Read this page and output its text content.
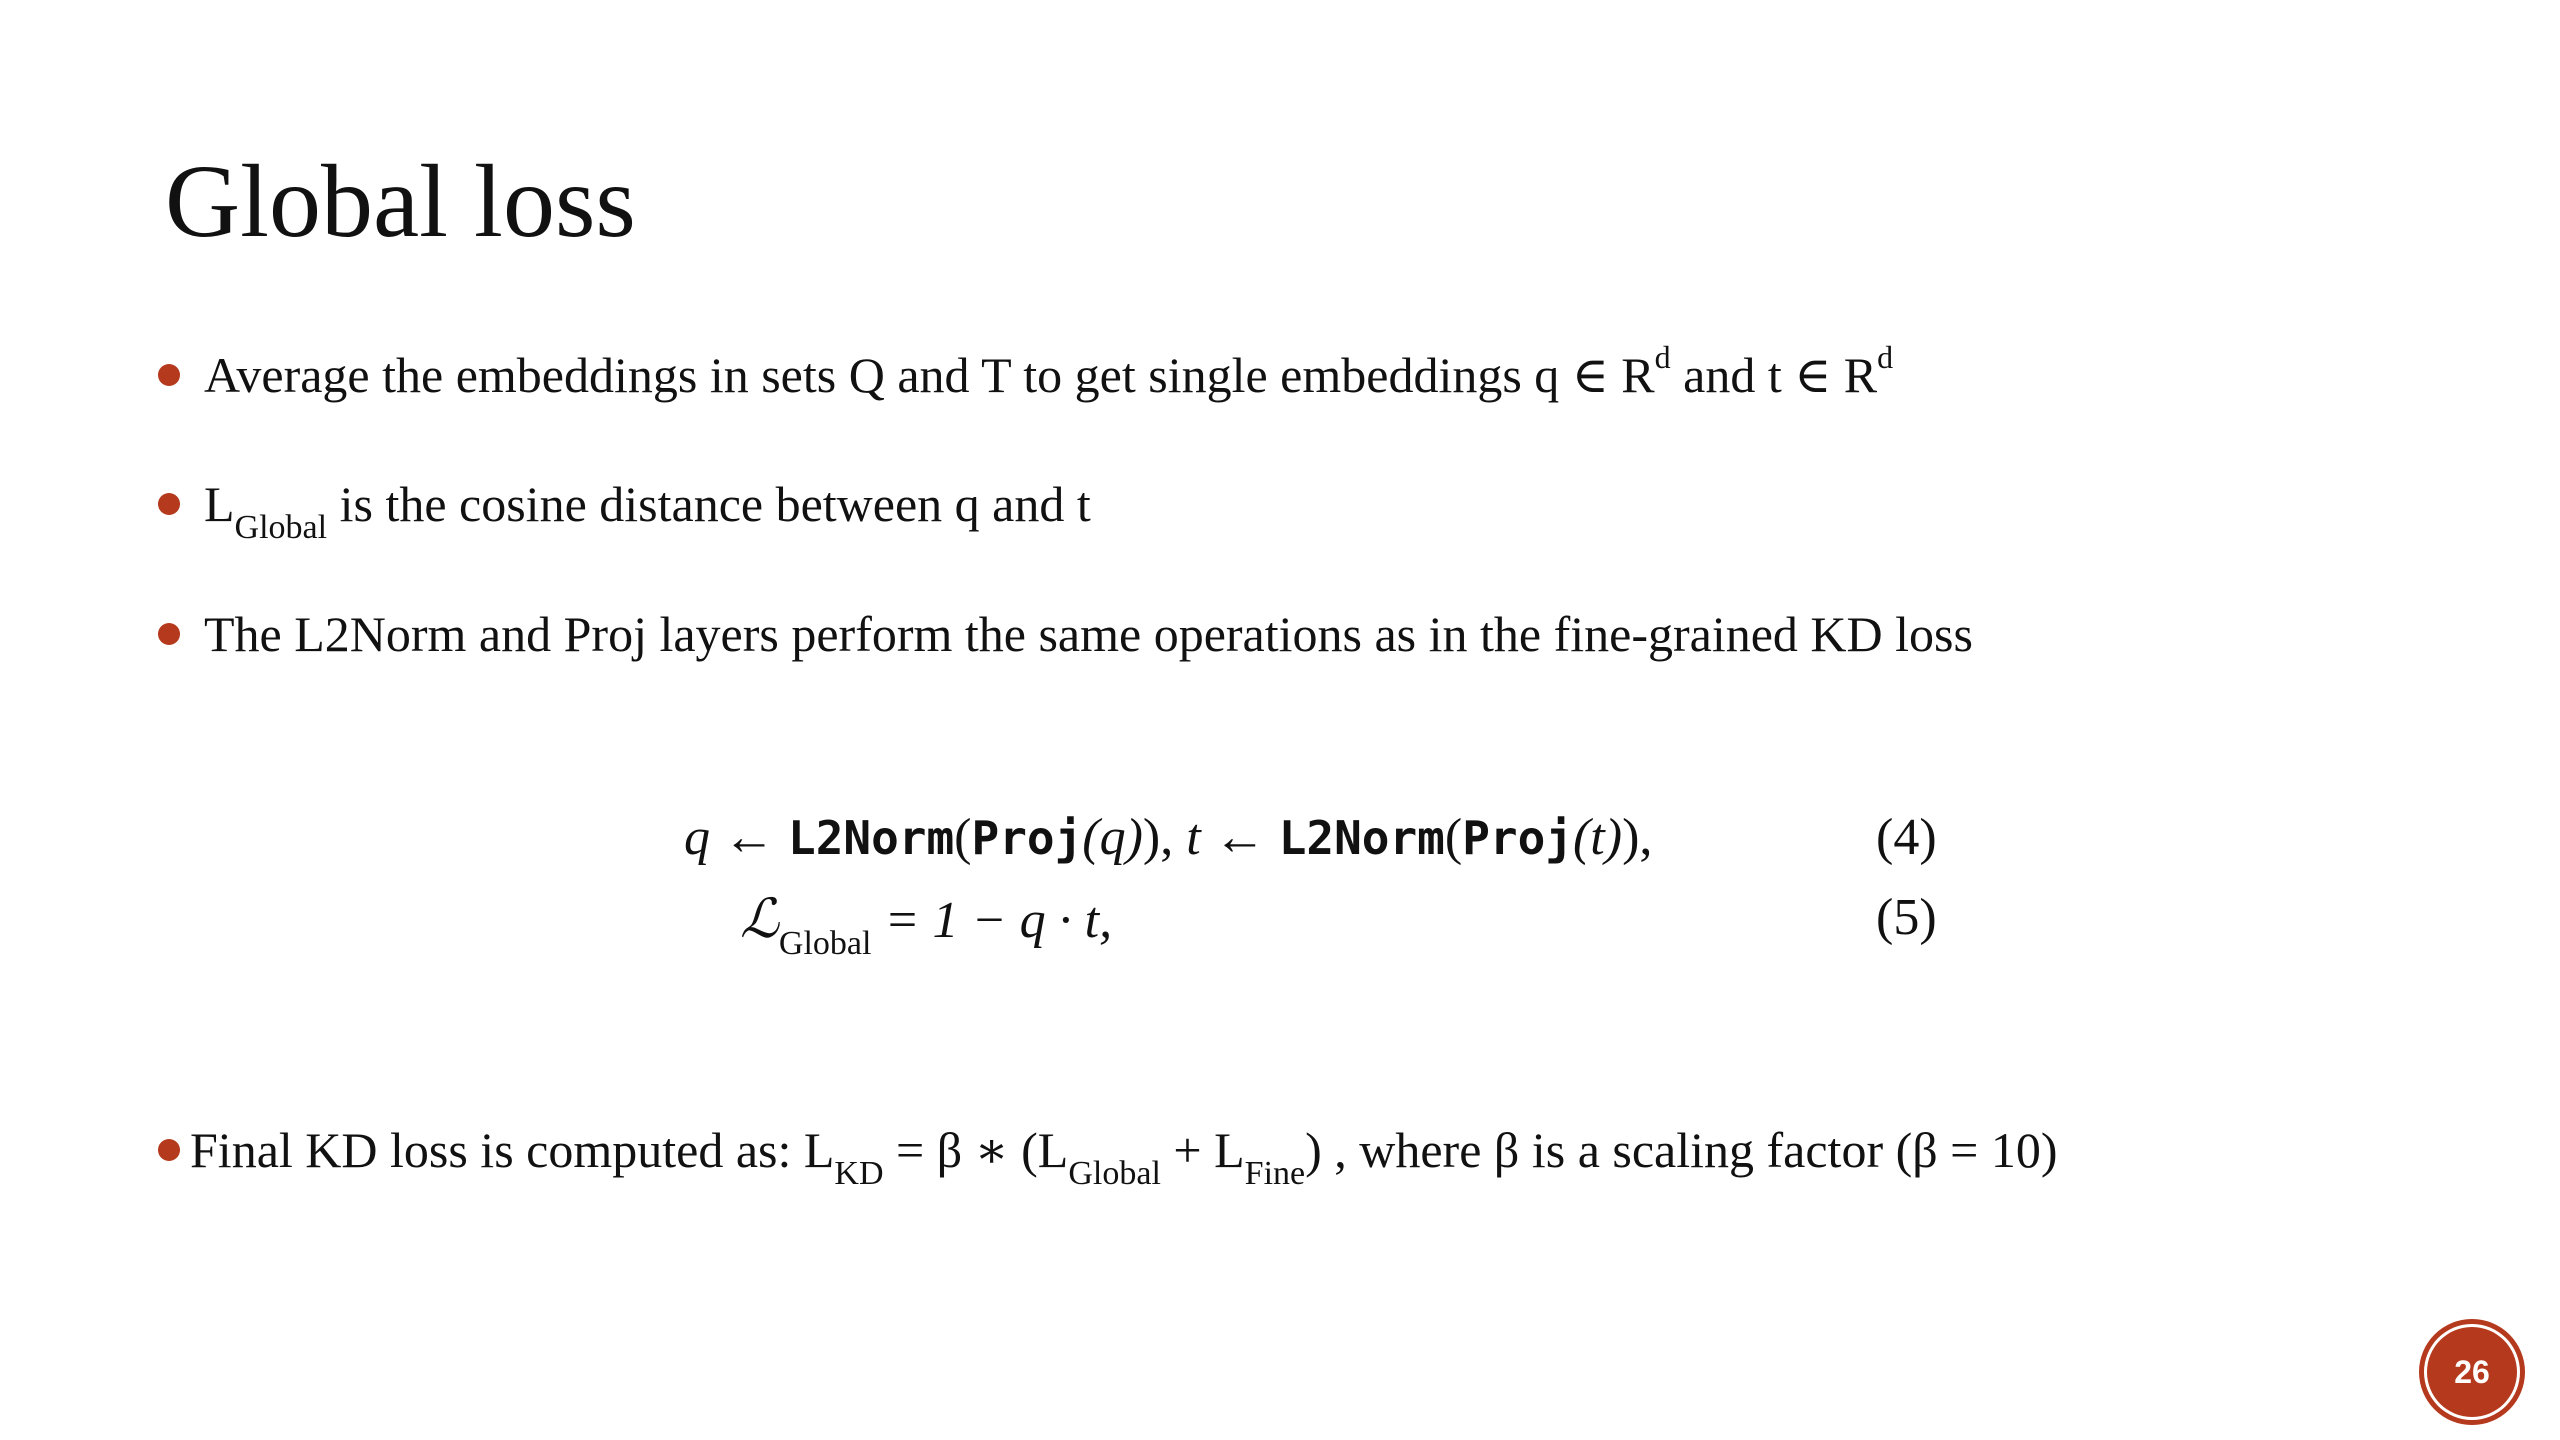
Global loss
Average the embeddings in sets Q and T to get single embeddings q ∈ $R^d$ and t ∈ $R^d$
$L_{Global}$ is the cosine distance between q and t
The L2Norm and Proj layers perform the same operations as in the fine-grained KD loss
q ← L2Norm(Proj(q)), t ← L2Norm(Proj(t)),	(4)
ℒ$_{Global}$ = 1 − q · t,	(5)
Final KD loss is computed as: $L_{KD} = \beta$ ∗ $(L_{Global} + L_{Fine})$ , where β is a scaling factor (β = 10)
26
